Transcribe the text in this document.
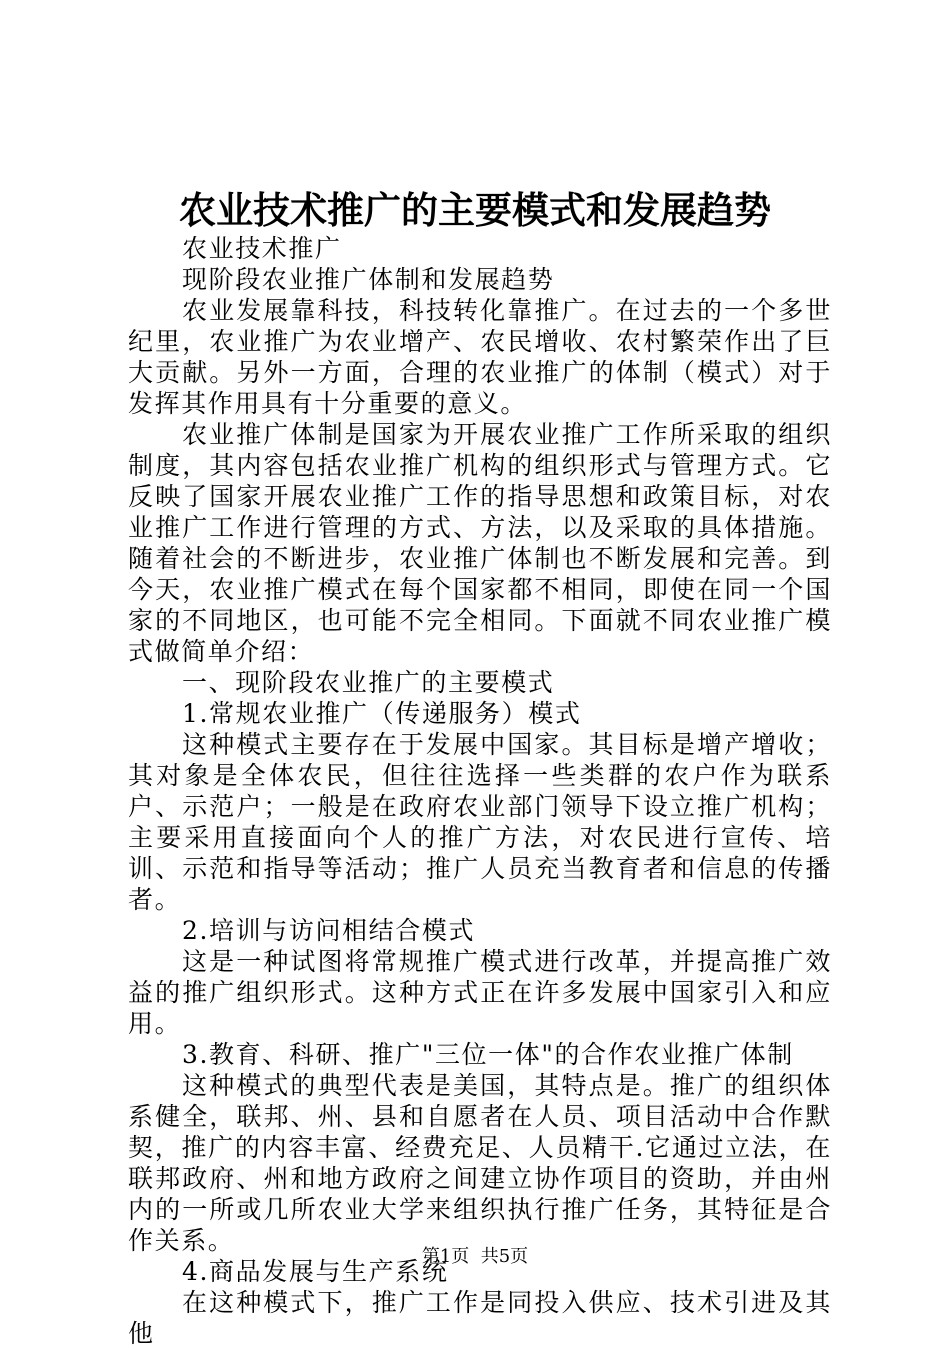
农业技术推广的主要模式和发展趋势

农业技术推广

现阶段农业推广体制和发展趋势

农业发展靠科技，科技转化靠推广。在过去的一个多世纪里，农业推广为农业增产、农民增收、农村繁荣作出了巨大贡献。另外一方面，合理的农业推广的体制（模式）对于发挥其作用具有十分重要的意义。

农业推广体制是国家为开展农业推广工作所采取的组织制度，其内容包括农业推广机构的组织形式与管理方式。它反映了国家开展农业推广工作的指导思想和政策目标，对农业推广工作进行管理的方式、方法，以及采取的具体措施。随着社会的不断进步，农业推广体制也不断发展和完善。到今天，农业推广模式在每个国家都不相同，即使在同一个国家的不同地区，也可能不完全相同。下面就不同农业推广模式做简单介绍：

一、现阶段农业推广的主要模式

1.常规农业推广（传递服务）模式

这种模式主要存在于发展中国家。其目标是增产增收；其对象是全体农民，但往往选择一些类群的农户作为联系户、示范户；一般是在政府农业部门领导下设立推广机构；主要采用直接面向个人的推广方法，对农民进行宣传、培训、示范和指导等活动；推广人员充当教育者和信息的传播者。

2.培训与访问相结合模式

这是一种试图将常规推广模式进行改革，并提高推广效益的推广组织形式。这种方式正在许多发展中国家引入和应用。

3.教育、科研、推广"三位一体"的合作农业推广体制

这种模式的典型代表是美国，其特点是。推广的组织体系健全，联邦、州、县和自愿者在人员、项目活动中合作默契，推广的内容丰富、经费充足、人员精干.它通过立法，在联邦政府、州和地方政府之间建立协作项目的资助，并由州内的一所或几所农业大学来组织执行推广任务，其特征是合作关系。

4.商品发展与生产系统

在这种模式下，推广工作是同投入供应、技术引进及其他

第1页  共5页
